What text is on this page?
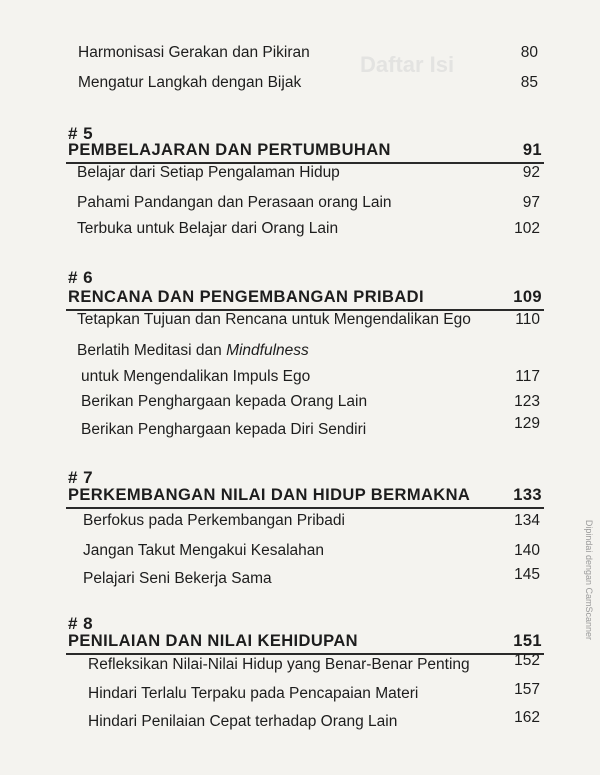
Daftar Isi
Harmonisasi Gerakan dan Pikiran	80
Mengatur Langkah dengan Bijak	85
# 5
PEMBELAJARAN DAN PERTUMBUHAN	91
Belajar dari Setiap Pengalaman Hidup	92
Pahami Pandangan dan Perasaan orang Lain	97
Terbuka untuk Belajar dari Orang Lain	102
# 6
RENCANA DAN PENGEMBANGAN PRIBADI	109
Tetapkan Tujuan dan Rencana untuk Mengendalikan Ego	110
Berlatih Meditasi dan Mindfulness
untuk Mengendalikan Impuls Ego	117
Berikan Penghargaan kepada Orang Lain	123
Berikan Penghargaan kepada Diri Sendiri	129
# 7
PERKEMBANGAN NILAI DAN HIDUP BERMAKNA	133
Berfokus pada Perkembangan Pribadi	134
Jangan Takut Mengakui Kesalahan	140
Pelajari Seni Bekerja Sama	145
# 8
PENILAIAN DAN NILAI KEHIDUPAN	151
Refleksikan Nilai-Nilai Hidup yang Benar-Benar Penting	152
Hindari Terlalu Terpaku pada Pencapaian Materi	157
Hindari Penilaian Cepat terhadap Orang Lain	162
Dipindai dengan CamScanner
